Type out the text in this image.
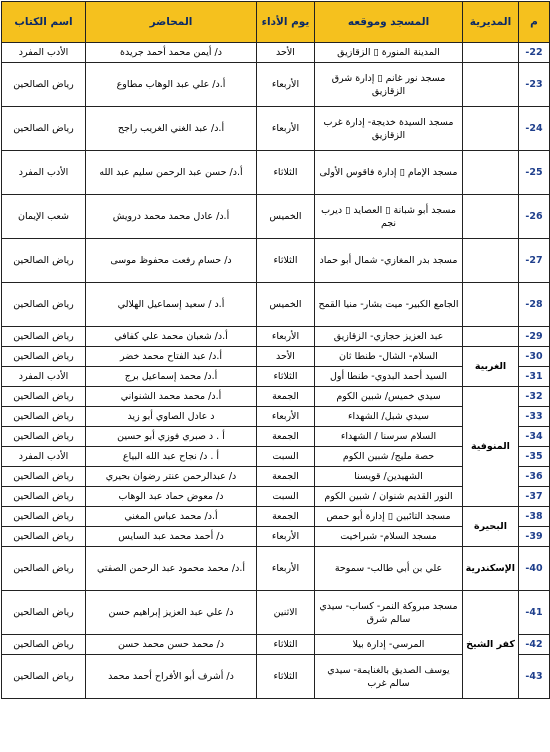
م	المديرية	المسجد وموقعه	يوم الأداء	المحاضر	اسم الكتاب
22-		المدينة المنورة ▯ الزقازيق	الأحد	د/ أيمن محمد أحمد جريدة	الأدب المفرد
23-		مسجد نور غانم ▯ إدارة شرق الزقازيق	الأربعاء	أ.د/ علي عبد الوهاب مطاوع	رياض الصالحين
24-		مسجد السيدة خديجة- إدارة غرب الزقازيق	الأربعاء	أ.د/ عبد الغني الغريب راجح	رياض الصالحين
25-		مسجد الإمام ▯ إدارة فاقوس الأولى	الثلاثاء	أ.د/ حسن عبد الرحمن سليم عبد الله	الأدب المفرد
26-		مسجد أبو شبانة ▯ العصايد ▯ ديرب نجم	الخميس	أ.د/ عادل محمد محمد درويش	شعب الإيمان
27-		مسجد بدر المغازي- شمال أبو حماد	الثلاثاء	د/ حسام رفعت محفوظ موسى	رياض الصالحين
28-		الجامع الكبير- ميت بشار- منيا القمح	الخميس	أ.د / سعيد إسماعيل الهلالي	رياض الصالحين
29-		عبد العزيز حجازي- الزقازيق	الأربعاء	أ.د/ شعبان محمد علي كفافي	رياض الصالحين
30-	الغربية	السلام- الشال- طنطا ثان	الأحد	أ.د/ عبد الفتاح محمد خضر	رياض الصالحين
31-		السيد أحمد البدوي- طنطا أول	الثلاثاء	أ.د/ محمد إسماعيل برج	الأدب المفرد
32-	المنوفية	سيدي خميس/ شبين الكوم	الجمعة	أ.د/ محمد محمد الشنواني	رياض الصالحين
33-		سيدي شبل/ الشهداء	الأربعاء	د عادل الصاوي أبو زيد	رياض الصالحين
34-		السلام سرسنا / الشهداء	الجمعة	أ . د صبري فوزي أبو حسين	رياض الصالحين
35-		حصة مليج/ شبين الكوم	السبت	أ . د/ نجاح عبد الله البياع	الأدب المفرد
36-		الشهيدين/ قويسنا	الجمعة	د/ عبدالرحمن عنتر رضوان بحيري	رياض الصالحين
37-		النور القديم شنوان / شبين الكوم	السبت	د/ معوض حماد عبد الوهاب	رياض الصالحين
38-	البحيرة	مسجد التائبين ▯ إدارة أبو حمص	الجمعة	أ.د/ محمد عباس المغني	رياض الصالحين
39-		مسجد السلام- شبراخيت	الأربعاء	د/ أحمد محمد عبد السايس	رياض الصالحين
40-	الإسكندرية	علي بن أبي طالب- سموحة	الأربعاء	أ.د/ محمد محمود عبد الرحمن الصفتي	رياض الصالحين
41-	كفر الشيخ	مسجد مبروكة النمر- كساب- سيدي سالم شرق	الاثنين	د/ علي عبد العزيز إبراهيم حسن	رياض الصالحين
42-		المرسي- إدارة بيلا	الثلاثاء	د/ محمد حسن محمد حسن	رياض الصالحين
43-		يوسف الصديق بالغنايمة- سيدي سالم غرب	الثلاثاء	د/ أشرف أبو الأفراح أحمد محمد	رياض الصالحين
